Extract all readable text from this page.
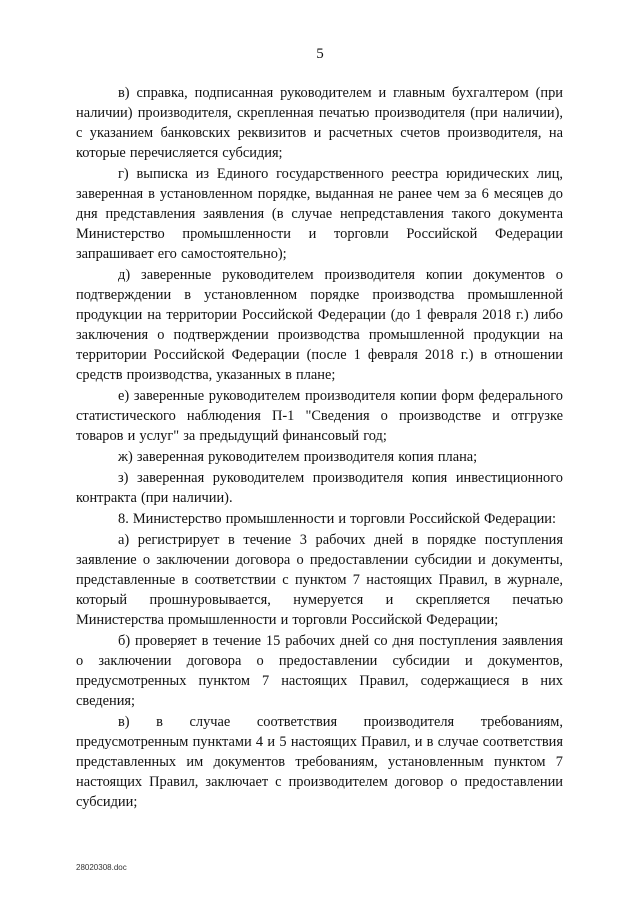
5

в) справка, подписанная руководителем и главным бухгалтером (при наличии) производителя, скрепленная печатью производителя (при наличии), с указанием банковских реквизитов и расчетных счетов производителя, на которые перечисляется субсидия;

г) выписка из Единого государственного реестра юридических лиц, заверенная в установленном порядке, выданная не ранее чем за 6 месяцев до дня представления заявления (в случае непредставления такого документа Министерство промышленности и торговли Российской Федерации запрашивает его самостоятельно);

д) заверенные руководителем производителя копии документов о подтверждении в установленном порядке производства промышленной продукции на территории Российской Федерации (до 1 февраля 2018 г.) либо заключения о подтверждении производства промышленной продукции на территории Российской Федерации (после 1 февраля 2018 г.) в отношении средств производства, указанных в плане;

е) заверенные руководителем производителя копии форм федерального статистического наблюдения П-1 "Сведения о производстве и отгрузке товаров и услуг" за предыдущий финансовый год;

ж) заверенная руководителем производителя копия плана;

з) заверенная руководителем производителя копия инвестиционного контракта (при наличии).

8. Министерство промышленности и торговли Российской Федерации:

а) регистрирует в течение 3 рабочих дней в порядке поступления заявление о заключении договора о предоставлении субсидии и документы, представленные в соответствии с пунктом 7 настоящих Правил, в журнале, который прошнуровывается, нумеруется и скрепляется печатью Министерства промышленности и торговли Российской Федерации;

б) проверяет в течение 15 рабочих дней со дня поступления заявления о заключении договора о предоставлении субсидии и документов, предусмотренных пунктом 7 настоящих Правил, содержащиеся в них сведения;

в) в случае соответствия производителя требованиям, предусмотренным пунктами 4 и 5 настоящих Правил, и в случае соответствия представленных им документов требованиям, установленным пунктом 7 настоящих Правил, заключает с производителем договор о предоставлении субсидии;

28020308.doc
